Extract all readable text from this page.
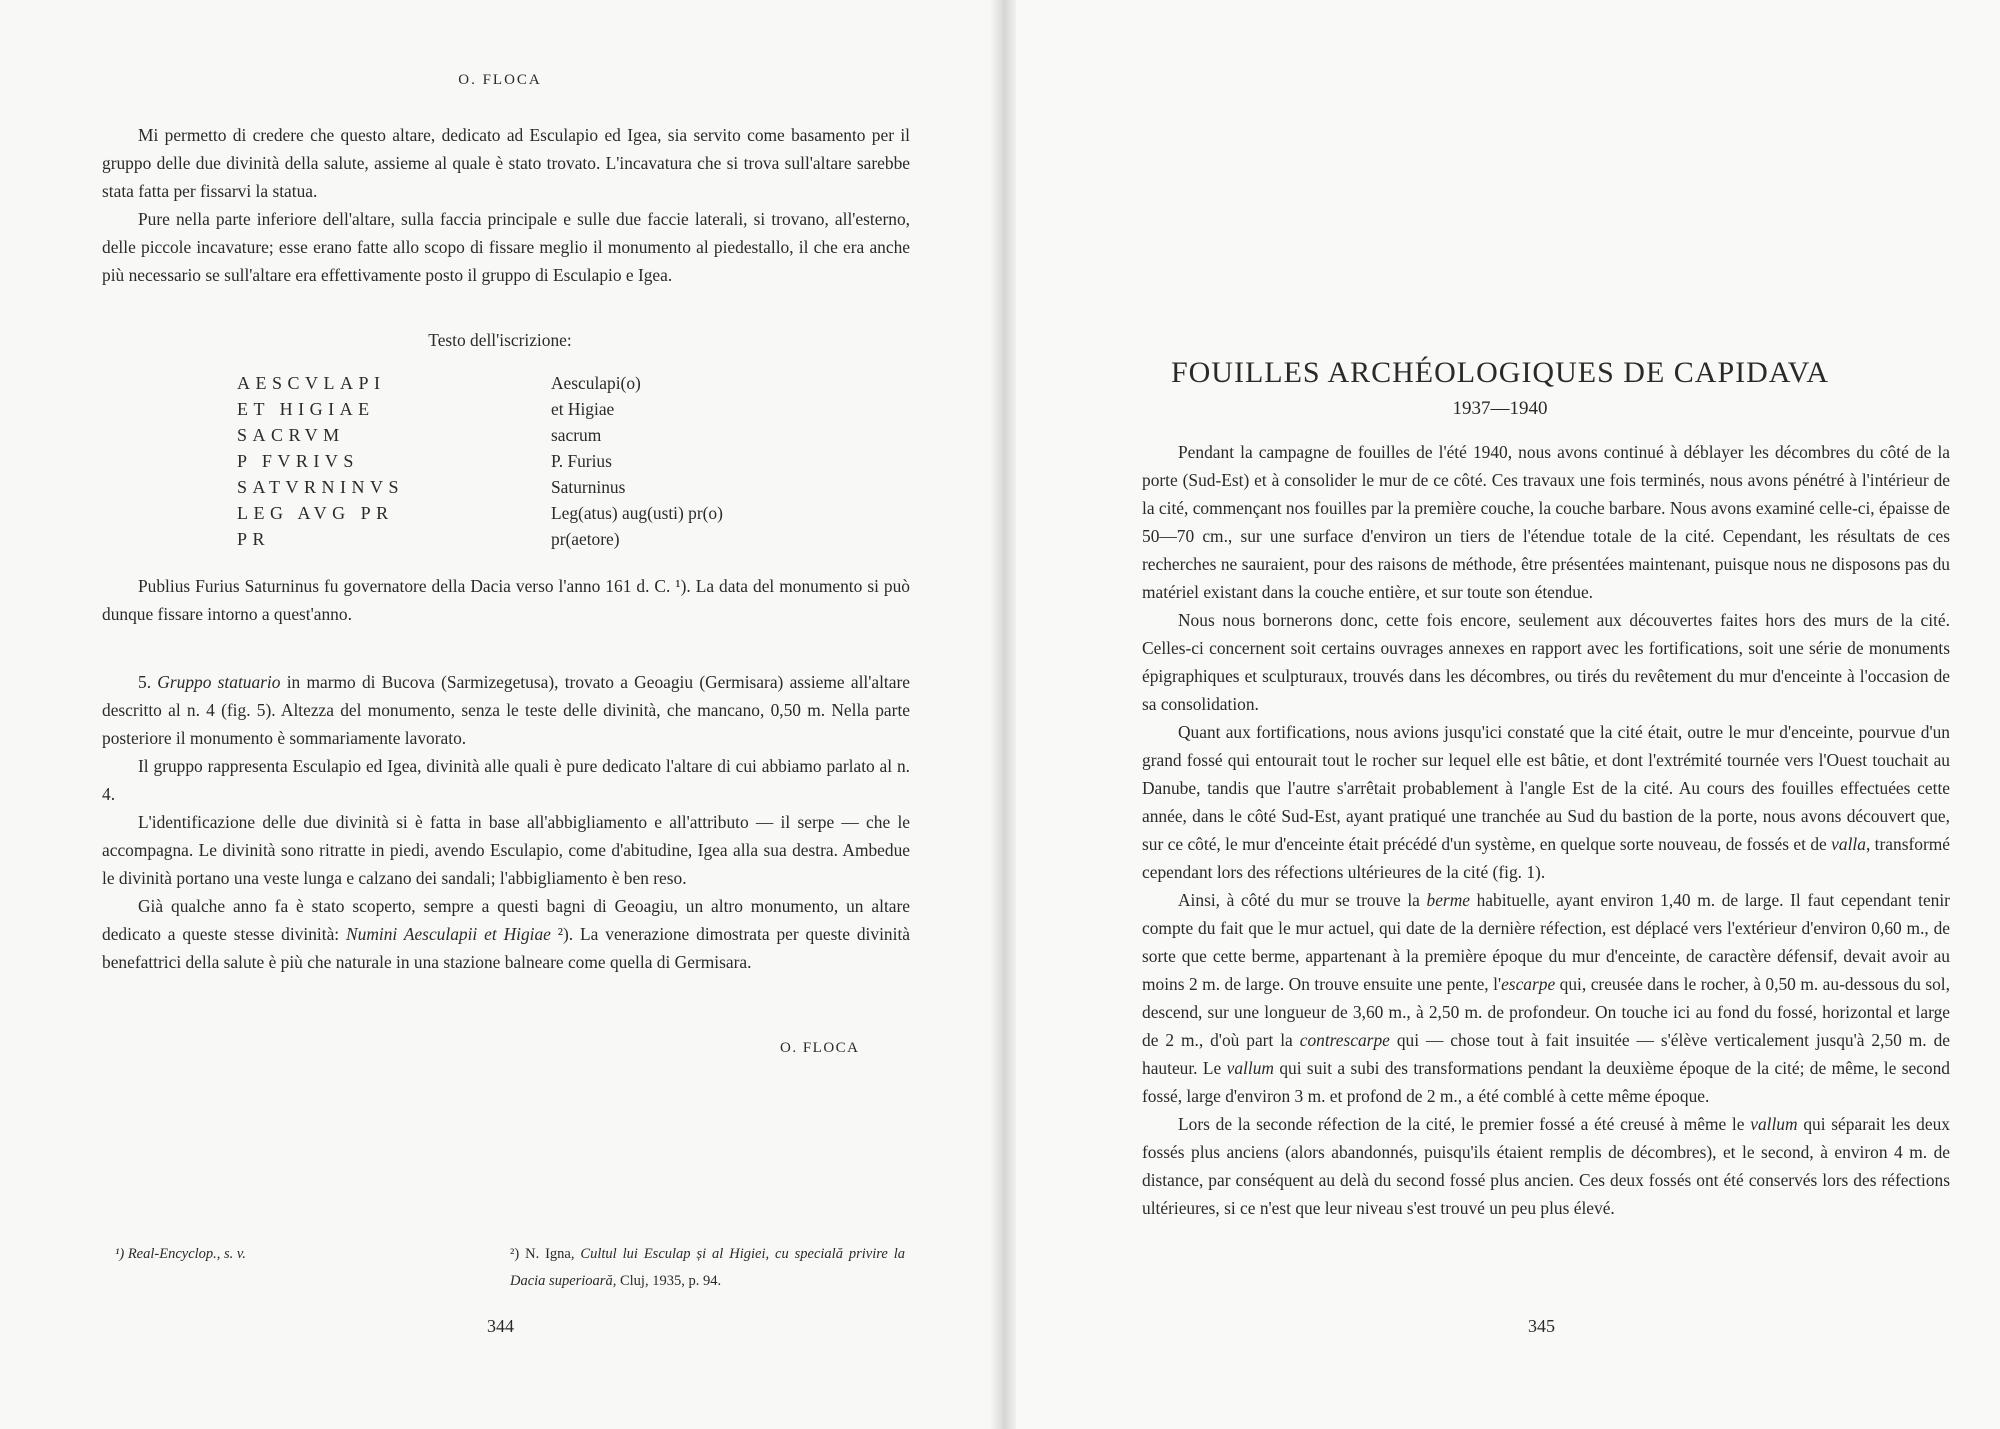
O. FLOCA

Mi permetto di credere che questo altare, dedicato ad Esculapio ed Igea, sia servito come basamento per il gruppo delle due divinità della salute, assieme al quale è stato trovato. L'incavatura che si trova sull'altare sarebbe stata fatta per fissarvi la statua.

Pure nella parte inferiore dell'altare, sulla faccia principale e sulle due faccie laterali, si trovano, all'esterno, delle piccole incavature; esse erano fatte allo scopo di fissare meglio il monumento al piedestallo, il che era anche più necessario se sull'altare era effettivamente posto il gruppo di Esculapio e Igea.

Testo dell'iscrizione:
AESCVLAPI	Aesculapi(o)
ET HIGIAE	et Higiae
SACRVM	sacrum
P FVRIVS	P. Furius
SATVRNINVS	Saturninus
LEG AVG PR	Leg(atus) aug(usti) pr(o)
PR	pr(aetore)

Publius Furius Saturninus fu governatore della Dacia verso l'anno 161 d. C. ¹). La data del monumento si può dunque fissare intorno a quest'anno.

5. Gruppo statuario in marmo di Bucova (Sarmizegetusa), trovato a Geoagiu (Germisara) assieme all'altare descritto al n. 4 (fig. 5). Altezza del monumento, senza le teste delle divinità, che mancano, 0,50 m. Nella parte posteriore il monumento è sommariamente lavorato.

Il gruppo rappresenta Esculapio ed Igea, divinità alle quali è pure dedicato l'altare di cui abbiamo parlato al n. 4.

L'identificazione delle due divinità si è fatta in base all'abbigliamento e all'attributo — il serpe — che le accompagna. Le divinità sono ritratte in piedi, avendo Esculapio, come d'abitudine, Igea alla sua destra. Ambedue le divinità portano una veste lunga e calzano dei sandali; l'abbigliamento è ben reso.

Già qualche anno fa è stato scoperto, sempre a questi bagni di Geoagiu, un altro monumento, un altare dedicato a queste stesse divinità: Numini Aesculapii et Higiae ²). La venerazione dimostrata per queste divinità benefattrici della salute è più che naturale in una stazione balneare come quella di Germisara.

O. FLOCA
¹) Real-Encyclop., s. v.	²) N. Igna, Cultul lui Esculap și al Higiei, cu specială privire la Dacia superioară, Cluj, 1935, p. 94.
344
FOUILLES ARCHÉOLOGIQUES DE CAPIDAVA
1937—1940

Pendant la campagne de fouilles de l'été 1940, nous avons continué à déblayer les décombres du côté de la porte (Sud-Est) et à consolider le mur de ce côté. Ces travaux une fois terminés, nous avons pénétré à l'intérieur de la cité, commençant nos fouilles par la première couche, la couche barbare. Nous avons examiné celle-ci, épaisse de 50—70 cm., sur une surface d'environ un tiers de l'étendue totale de la cité. Cependant, les résultats de ces recherches ne sauraient, pour des raisons de méthode, être présentées maintenant, puisque nous ne disposons pas du matériel existant dans la couche entière, et sur toute son étendue.

Nous nous bornerons donc, cette fois encore, seulement aux découvertes faites hors des murs de la cité. Celles-ci concernent soit certains ouvrages annexes en rapport avec les fortifications, soit une série de monuments épigraphiques et sculpturaux, trouvés dans les décombres, ou tirés du revêtement du mur d'enceinte à l'occasion de sa consolidation.

Quant aux fortifications, nous avions jusqu'ici constaté que la cité était, outre le mur d'enceinte, pourvue d'un grand fossé qui entourait tout le rocher sur lequel elle est bâtie, et dont l'extrémité tournée vers l'Ouest touchait au Danube, tandis que l'autre s'arrêtait probablement à l'angle Est de la cité. Au cours des fouilles effectuées cette année, dans le côté Sud-Est, ayant pratiqué une tranchée au Sud du bastion de la porte, nous avons découvert que, sur ce côté, le mur d'enceinte était précédé d'un système, en quelque sorte nouveau, de fossés et de valla, transformé cependant lors des réfections ultérieures de la cité (fig. 1).

Ainsi, à côté du mur se trouve la berme habituelle, ayant environ 1,40 m. de large. Il faut cependant tenir compte du fait que le mur actuel, qui date de la dernière réfection, est déplacé vers l'extérieur d'environ 0,60 m., de sorte que cette berme, appartenant à la première époque du mur d'enceinte, de caractère défensif, devait avoir au moins 2 m. de large. On trouve ensuite une pente, l'escarpe qui, creusée dans le rocher, à 0,50 m. au-dessous du sol, descend, sur une longueur de 3,60 m., à 2,50 m. de profondeur. On touche ici au fond du fossé, horizontal et large de 2 m., d'où part la contrescarpe qui — chose tout à fait insuitée — s'élève verticalement jusqu'à 2,50 m. de hauteur. Le vallum qui suit a subi des transformations pendant la deuxième époque de la cité; de même, le second fossé, large d'environ 3 m. et profond de 2 m., a été comblé à cette même époque.

Lors de la seconde réfection de la cité, le premier fossé a été creusé à même le vallum qui séparait les deux fossés plus anciens (alors abandonnés, puisqu'ils étaient remplis de décombres), et le second, à environ 4 m. de distance, par conséquent au delà du second fossé plus ancien. Ces deux fossés ont été conservés lors des réfections ultérieures, si ce n'est que leur niveau s'est trouvé un peu plus élevé.

345
